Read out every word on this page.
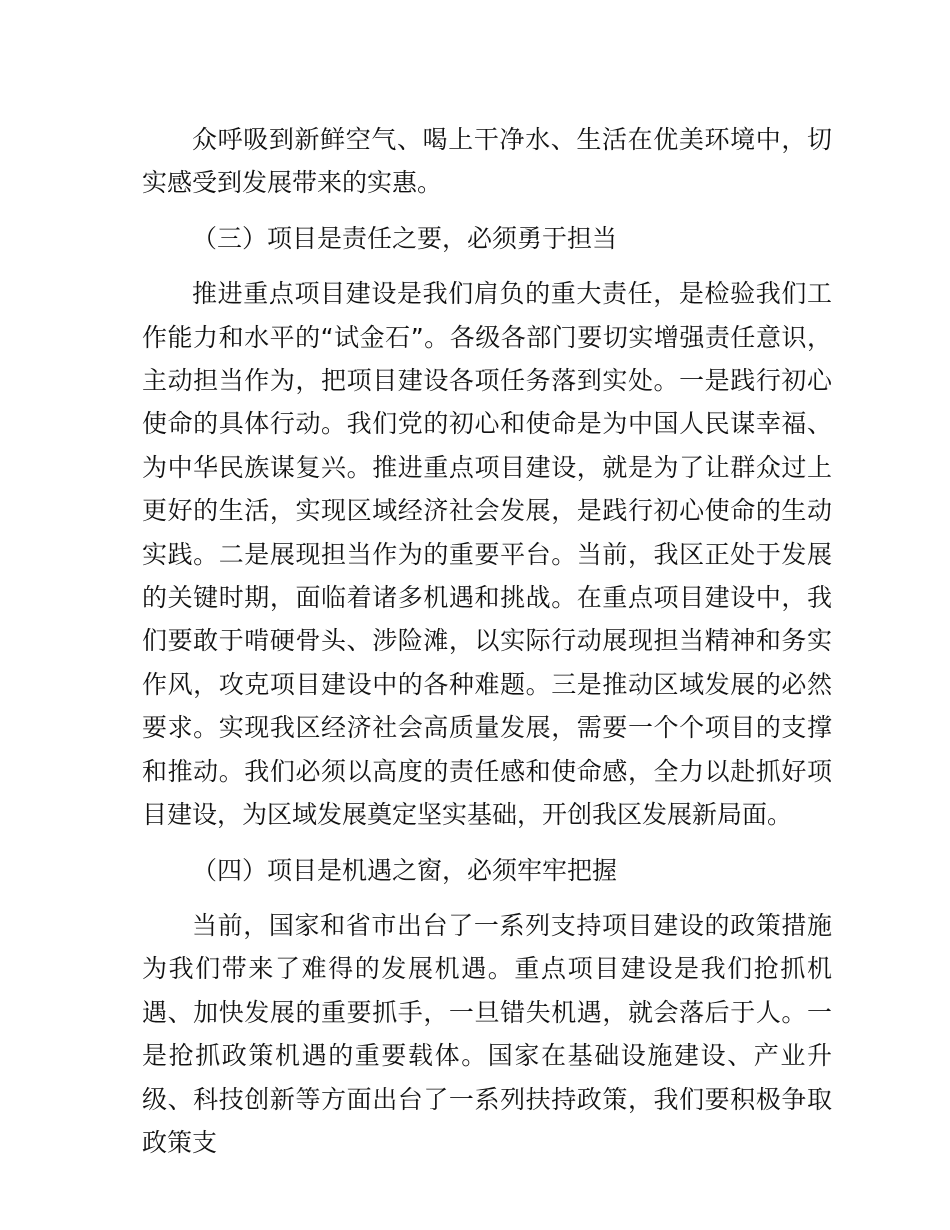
众呼吸到新鲜空气、喝上干净水、生活在优美环境中，切实感受到发展带来的实惠。

（三）项目是责任之要，必须勇于担当

推进重点项目建设是我们肩负的重大责任，是检验我们工作能力和水平的“试金石”。各级各部门要切实增强责任意识，主动担当作为，把项目建设各项任务落到实处。一是践行初心使命的具体行动。我们党的初心和使命是为中国人民谋幸福、为中华民族谋复兴。推进重点项目建设，就是为了让群众过上更好的生活，实现区域经济社会发展，是践行初心使命的生动实践。二是展现担当作为的重要平台。当前，我区正处于发展的关键时期，面临着诸多机遇和挑战。在重点项目建设中，我们要敢于啃硬骨头、涉险滩，以实际行动展现担当精神和务实作风，攻克项目建设中的各种难题。三是推动区域发展的必然要求。实现我区经济社会高质量发展，需要一个个项目的支撑和推动。我们必须以高度的责任感和使命感，全力以赴抓好项目建设，为区域发展奠定坚实基础，开创我区发展新局面。

（四）项目是机遇之窗，必须牢牢把握

当前，国家和省市出台了一系列支持项目建设的政策措施为我们带来了难得的发展机遇。重点项目建设是我们抢抓机遇、加快发展的重要抓手，一旦错失机遇，就会落后于人。一是抢抓政策机遇的重要载体。国家在基础设施建设、产业升级、科技创新等方面出台了一系列扶持政策，我们要积极争取政策支
